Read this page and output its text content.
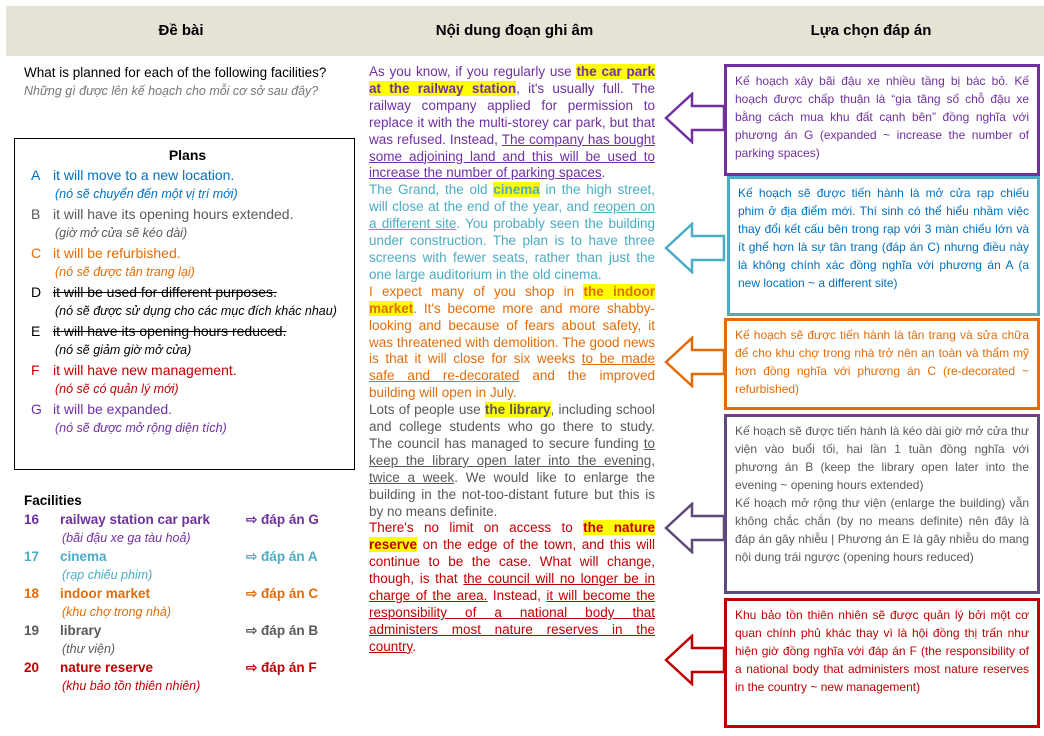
Đề bài	Nội dung đoạn ghi âm	Lựa chọn đáp án
What is planned for each of the following facilities?
Những gì được lên kế hoạch cho mỗi cơ sở sau đây?
Plans
A it will move to a new location.
(nó sẽ chuyển đến một vị trí mới)
B it will have its opening hours extended.
(giờ mở cửa sẽ kéo dài)
C it will be refurbished.
(nó sẽ được tân trang lại)
D it will be used for different purposes.
(nó sẽ được sử dụng cho các mục đích khác nhau)
E it will have its opening hours reduced.
(nó sẽ giảm giờ mở cửa)
F it will have new management.
(nó sẽ có quản lý mới)
G it will be expanded.
(nó sẽ được mở rộng diện tích)
Facilities
16 railway station car park	⇨ đáp án G
(bãi đậu xe ga tàu hoả)
17 cinema	⇨ đáp án A
(rạp chiếu phim)
18 indoor market	⇨ đáp án C
(khu chợ trong nhà)
19 library	⇨ đáp án B
(thư viện)
20 nature reserve	⇨ đáp án F
(khu bảo tồn thiên nhiên)
As you know, if you regularly use the car park at the railway station, it's usually full. The railway company applied for permission to replace it with the multi-storey car park, but that was refused. Instead, The company has bought some adjoining land and this will be used to increase the number of parking spaces.
The Grand, the old cinema in the high street, will close at the end of the year, and reopen on a different site. You probably seen the building under construction. The plan is to have three screens with fewer seats, rather than just the one large auditorium in the old cinema.
I expect many of you shop in the indoor market. It's become more and more shabby-looking and because of fears about safety, it was threatened with demolition. The good news is that it will close for six weeks to be made safe and re-decorated and the improved building will open in July.
Lots of people use the library, including school and college students who go there to study. The council has managed to secure funding to keep the library open later into the evening, twice a week. We would like to enlarge the building in the not-too-distant future but this is by no means definite.
There's no limit on access to the nature reserve on the edge of the town, and this will continue to be the case. What will change, though, is that the council will no longer be in charge of the area. Instead, it will become the responsibility of a national body that administers most nature reserves in the country.
Kế hoạch xây bãi đậu xe nhiều tầng bị bác bỏ. Kế hoạch được chấp thuận là “gia tăng số chỗ đậu xe bằng cách mua khu đất cạnh bên” đồng nghĩa với phương án G (expanded ~ increase the number of parking spaces)
Kế hoạch sẽ được tiến hành là mở cửa rạp chiếu phim ở địa điểm mới. Thí sinh có thể hiểu nhầm việc thay đổi kết cấu bên trong rạp với 3 màn chiếu lớn và ít ghế hơn là sự tân trang (đáp án C) nhưng điều này là không chính xác đồng nghĩa với phương án A (a new location ~ a different site)
Kế hoạch sẽ được tiến hành là tân trang và sửa chữa để cho khu chợ trong nhà trở nên an toàn và thẩm mỹ hơn đồng nghĩa với phương án C (re-decorated ~ refurbished)
Kế hoạch sẽ được tiến hành là kéo dài giờ mở cửa thư viện vào buổi tối, hai lần 1 tuần đồng nghĩa với phương án B (keep the library open later into the evening ~ opening hours extended)
Kế hoạch mở rộng thư viện (enlarge the building) vẫn không chắc chắn (by no means definite) nên đây là đáp án gây nhiễu | Phương án E là gây nhiễu do mang nội dung trái ngược (opening hours reduced)
Khu bảo tồn thiên nhiên sẽ được quản lý bởi một cơ quan chính phủ khác thay vì là hội đồng thị trấn như hiện giờ đồng nghĩa với đáp án F (the responsibility of a national body that administers most nature reserves in the country ~ new management)
